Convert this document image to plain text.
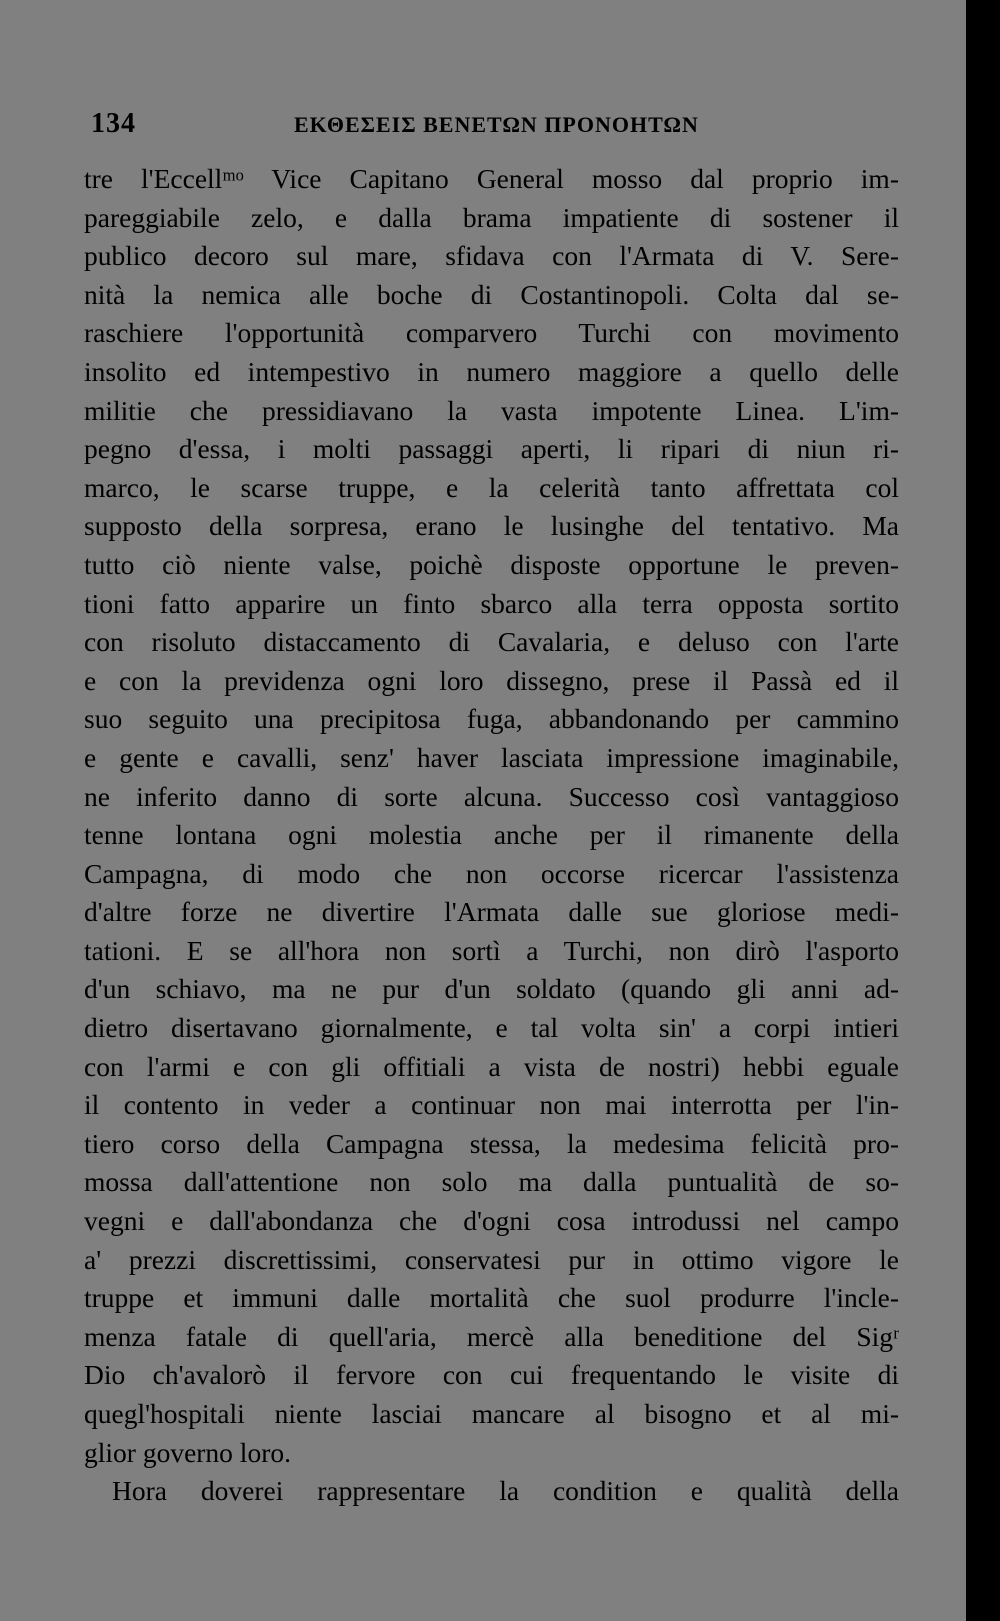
134	ΕΚΘΕΣΕΙΣ ΒΕΝΕΤΩΝ ΠΡΟΝΟΗΤΩΝ
tre l'Eccellᵐᵒ Vice Capitano General mosso dal proprio im-
pareggiabile zelo, e dalla brama impatiente di sostener il
publico decoro sul mare, sfidava con l'Armata di V. Sere-
nità la nemica alle boche di Costantinopoli. Colta dal se-
raschiere l'opportunità comparvero Turchi con movimento
insolito ed intempestivo in numero maggiore a quello delle
militie che pressidiavano la vasta impotente Linea. L'im-
pegno d'essa, i molti passaggi aperti, li ripari di niun ri-
marco, le scarse truppe, e la celerità tanto affrettata col
supposto della sorpresa, erano le lusinghe del tentativo. Ma
tutto ciò niente valse, poichè disposte opportune le preven-
tioni fatto apparire un finto sbarco alla terra opposta sortito
con risoluto distaccamento di Cavalaria, e deluso con l'arte
e con la previdenza ogni loro dissegno, prese il Passà ed il
suo seguito una precipitosa fuga, abbandonando per cammino
e gente e cavalli, senz' haver lasciata impressione imaginabile,
ne inferito danno di sorte alcuna. Successo così vantaggioso
tenne lontana ogni molestia anche per il rimanente della
Campagna, di modo che non occorse ricercar l'assistenza
d'altre forze ne divertire l'Armata dalle sue gloriose medi-
tationi. E se all'hora non sortì a Turchi, non dirò l'asporto
d'un schiavo, ma ne pur d'un soldato (quando gli anni ad-
dietro disertavano giornalmente, e tal volta sin' a corpi intieri
con l'armi e con gli offitiali a vista de nostri) hebbi eguale
il contento in veder a continuar non mai interrotta per l'in-
tiero corso della Campagna stessa, la medesima felicità pro-
mossa dall'attentione non solo ma dalla puntualità de so-
vegni e dall'abondanza che d'ogni cosa introdussi nel campo
a' prezzi discrettissimi, conservatesi pur in ottimo vigore le
truppe et immuni dalle mortalità che suol produrre l'incle-
menza fatale di quell'aria, mercè alla beneditione del Sigʳ
Dio ch'avalorò il fervore con cui frequentando le visite di
quegl'hospitali niente lasciai mancare al bisogno et al mi-
glior governo loro.
Hora doverei rappresentare la condition e qualità della
